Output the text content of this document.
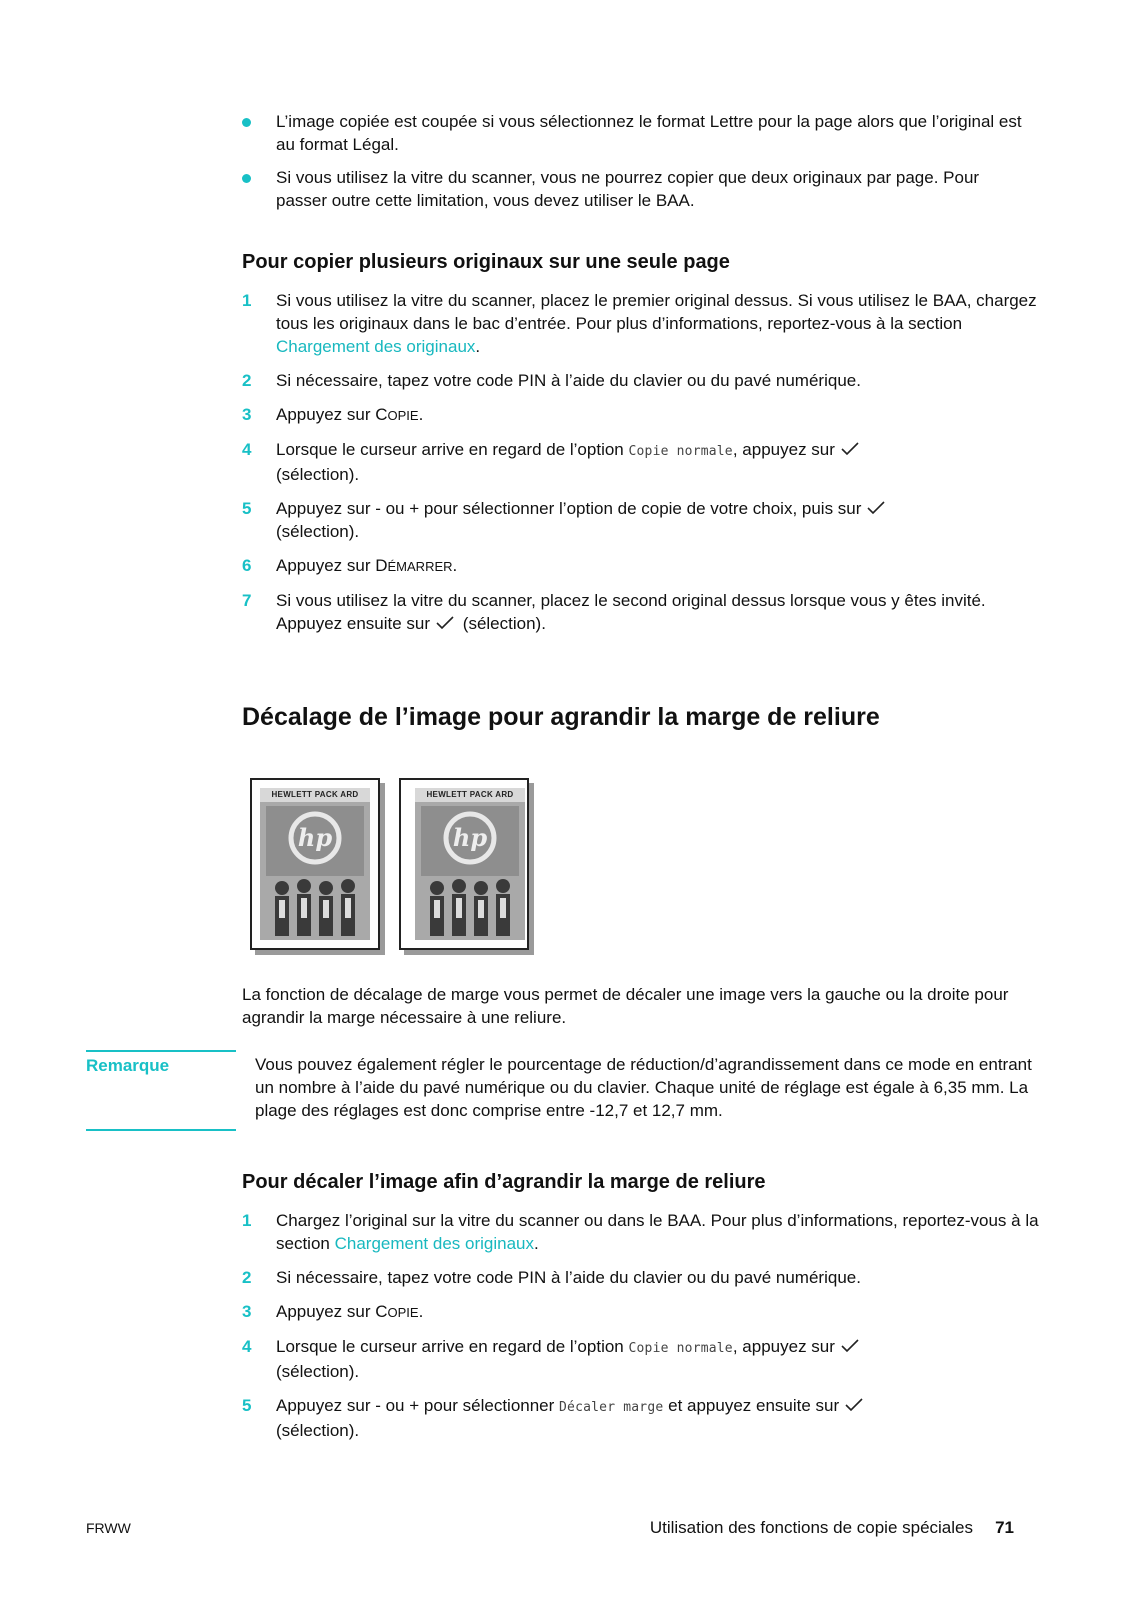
L’image copiée est coupée si vous sélectionnez le format Lettre pour la page alors que l’original est au format Légal.
Si vous utilisez la vitre du scanner, vous ne pourrez copier que deux originaux par page. Pour passer outre cette limitation, vous devez utiliser le BAA.
Pour copier plusieurs originaux sur une seule page
1 Si vous utilisez la vitre du scanner, placez le premier original dessus. Si vous utilisez le BAA, chargez tous les originaux dans le bac d’entrée. Pour plus d’informations, reportez-vous à la section Chargement des originaux.
2 Si nécessaire, tapez votre code PIN à l’aide du clavier ou du pavé numérique.
3 Appuyez sur COPIE.
4 Lorsque le curseur arrive en regard de l’option Copie normale, appuyez sur
(sélection).
5 Appuyez sur - ou + pour sélectionner l’option de copie de votre choix, puis sur
(sélection).
6 Appuyez sur DÉMARRER.
7 Si vous utilisez la vitre du scanner, placez le second original dessus lorsque vous y êtes invité. Appuyez ensuite sur (sélection).
Décalage de l’image pour agrandir la marge de reliure
HEWLETT PACK ARD
hp
HEWLETT PACK ARD
hp
La fonction de décalage de marge vous permet de décaler une image vers la gauche ou la droite pour agrandir la marge nécessaire à une reliure.
Remarque	Vous pouvez également régler le pourcentage de réduction/d’agrandissement dans ce mode en entrant un nombre à l’aide du pavé numérique ou du clavier. Chaque unité de réglage est égale à 6,35 mm. La plage des réglages est donc comprise entre -12,7 et 12,7 mm.
Pour décaler l’image afin d’agrandir la marge de reliure
1 Chargez l’original sur la vitre du scanner ou dans le BAA. Pour plus d’informations, reportez-vous à la section Chargement des originaux.
2 Si nécessaire, tapez votre code PIN à l’aide du clavier ou du pavé numérique.
3 Appuyez sur COPIE.
4 Lorsque le curseur arrive en regard de l’option Copie normale, appuyez sur
(sélection).
5 Appuyez sur - ou + pour sélectionner Décaler marge et appuyez ensuite sur
(sélection).
FRWW	Utilisation des fonctions de copie spéciales 71
